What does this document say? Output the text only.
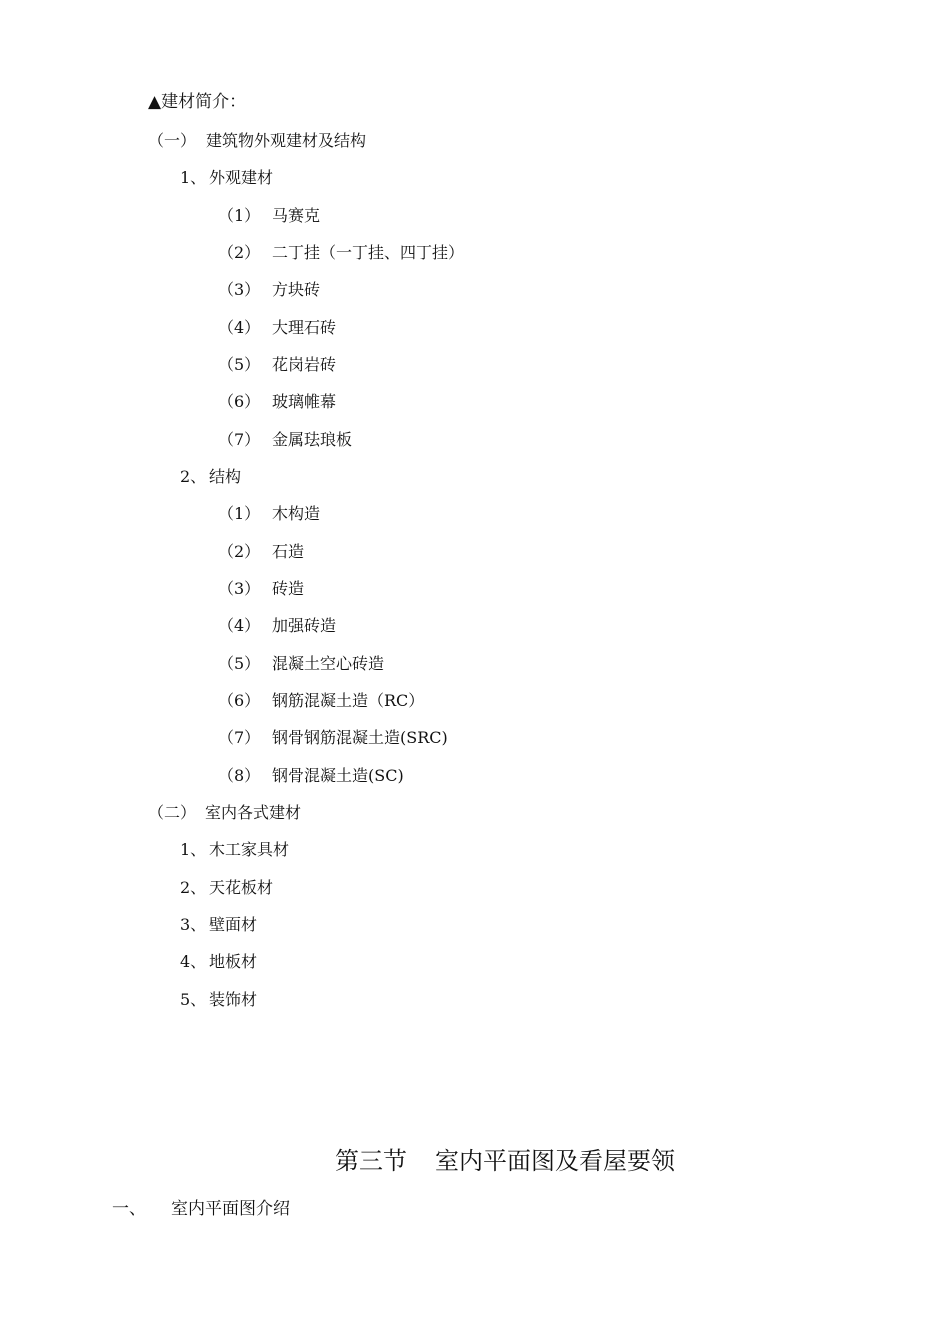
▲建材简介：
（一） 建筑物外观建材及结构
1、 外观建材
（1） 马赛克
（2） 二丁挂（一丁挂、四丁挂）
（3） 方块砖
（4） 大理石砖
（5） 花岗岩砖
（6） 玻璃帷幕
（7） 金属珐琅板
2、 结构
（1） 木构造
（2） 石造
（3） 砖造
（4） 加强砖造
（5） 混凝土空心砖造
（6） 钢筋混凝土造（RC）
（7） 钢骨钢筋混凝土造(SRC)
（8） 钢骨混凝土造(SC)
（二） 室内各式建材
1、 木工家具材
2、 天花板材
3、 壁面材
4、 地板材
5、 装饰材
第三节 室内平面图及看屋要领
一、 室内平面图介绍
